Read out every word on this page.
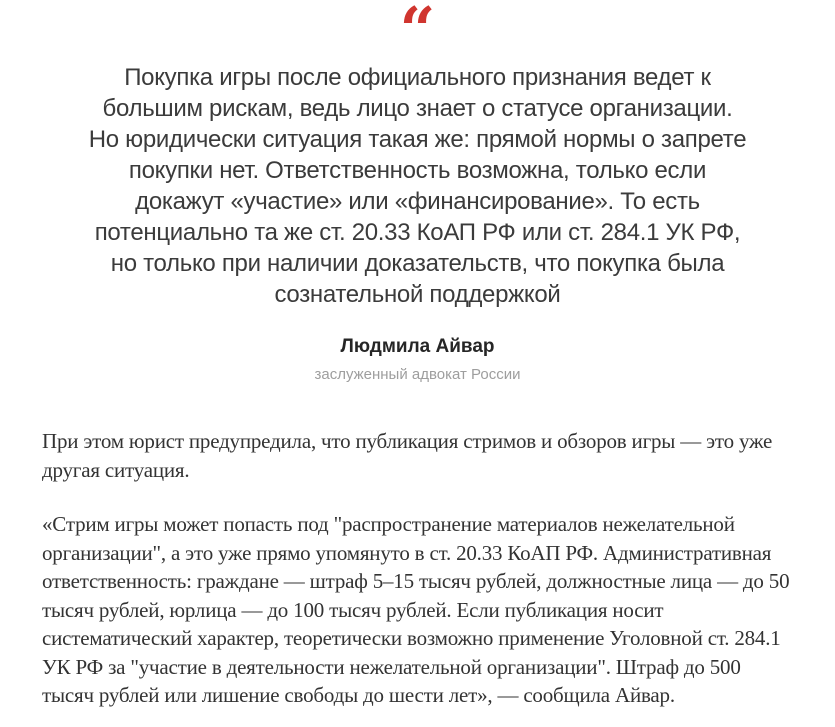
“
Покупка игры после официального признания ведет к большим рискам, ведь лицо знает о статусе организации. Но юридически ситуация такая же: прямой нормы о запрете покупки нет. Ответственность возможна, только если докажут «участие» или «финансирование». То есть потенциально та же ст. 20.33 КоАП РФ или ст. 284.1 УК РФ, но только при наличии доказательств, что покупка была сознательной поддержкой
Людмила Айвар
заслуженный адвокат России

При этом юрист предупредила, что публикация стримов и обзоров игры — это уже другая ситуация.

«Стрим игры может попасть под "распространение материалов нежелательной организации", а это уже прямо упомянуто в ст. 20.33 КоАП РФ. Административная ответственность: граждане — штраф 5–15 тысяч рублей, должностные лица — до 50 тысяч рублей, юрлица — до 100 тысяч рублей. Если публикация носит систематический характер, теоретически возможно применение Уголовной ст. 284.1 УК РФ за "участие в деятельности нежелательной организации". Штраф до 500 тысяч рублей или лишение свободы до шести лет», — сообщила Айвар.
